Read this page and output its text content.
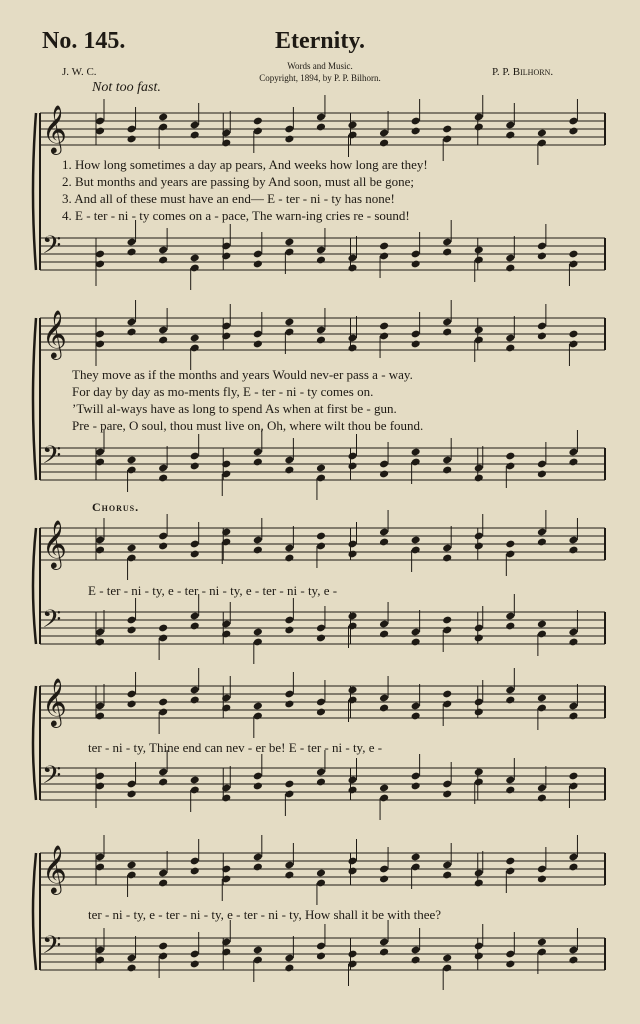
No. 145.	Eternity.
J. W. C.	Words and Music.
Copyright, 1894, by P. P. Bilhorn.	P. P. Bilhorn.
Not too fast.
𝄞
𝄢
𝄞
𝄢
𝄞
𝄢
𝄞
𝄢
𝄞
𝄢
1. How long sometimes a day ap pears, And weeks how long are they!
2. But months and years are passing by And soon, must all be gone;
3. And all of these must have an end— E - ter - ni - ty has none!
4. E - ter - ni - ty comes on a - pace, The warn-ing cries re - sound!
They move as if the months and years Would nev-er pass a - way.
For day by day as mo-ments fly, E - ter - ni - ty comes on.
’Twill al-ways have as long to spend As when at first be - gun.
Pre - pare, O soul, thou must live on, Oh, where wilt thou be found.
Chorus.
E - ter - ni - ty, e - ter - ni - ty, e - ter - ni - ty, e -
ter - ni - ty, Thine end can nev - er be! E - ter - ni - ty, e -
ter - ni - ty, e - ter - ni - ty, e - ter - ni - ty, How shall it be with thee?
